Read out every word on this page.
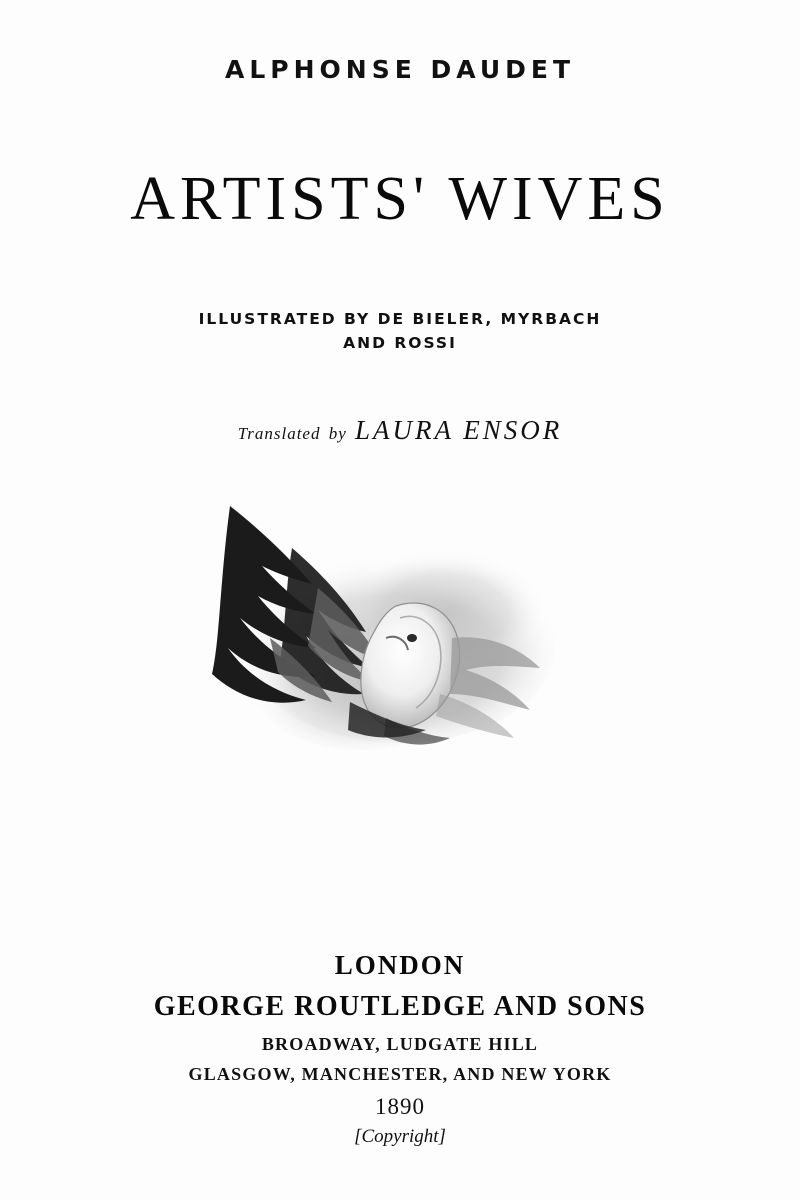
ALPHONSE DAUDET
ARTISTS' WIVES
ILLUSTRATED BY DE BIELER, MYRBACH
AND ROSSI
Translated by LAURA ENSOR
LONDON
GEORGE ROUTLEDGE AND SONS
BROADWAY, LUDGATE HILL
GLASGOW, MANCHESTER, AND NEW YORK
1890
[Copyright]
